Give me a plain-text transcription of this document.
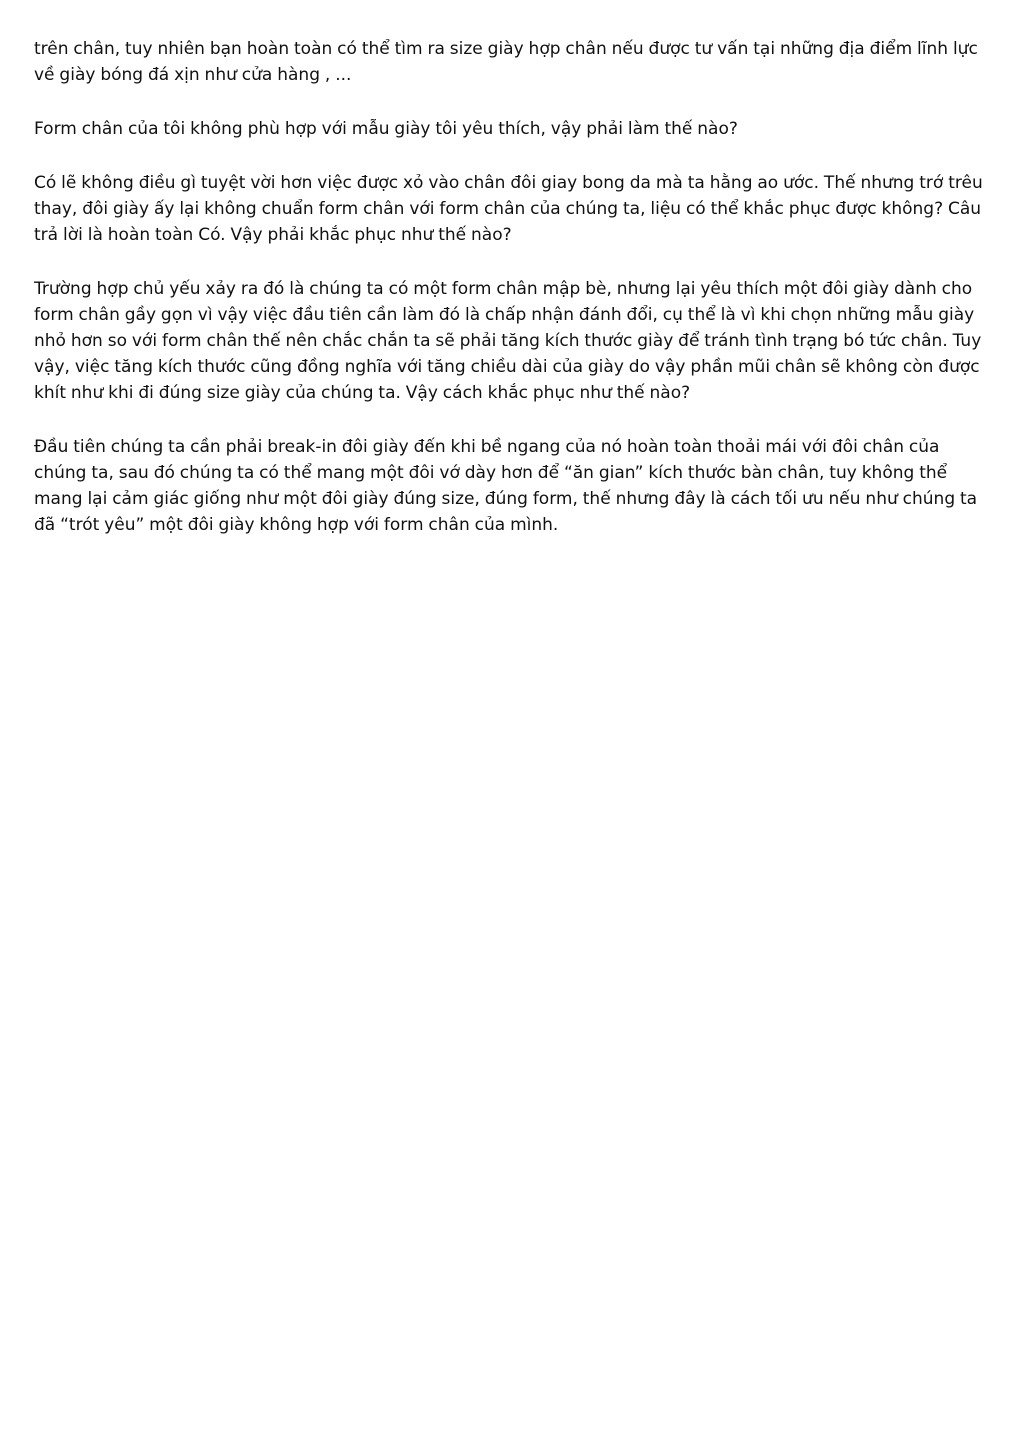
trên chân, tuy nhiên bạn hoàn toàn có thể tìm ra size giày hợp chân nếu được tư vấn tại những địa điểm lĩnh lực về giày bóng đá xịn như cửa hàng , ...

Form chân của tôi không phù hợp với mẫu giày tôi yêu thích, vậy phải làm thế nào?

Có lẽ không điều gì tuyệt vời hơn việc được xỏ vào chân đôi giay bong da mà ta hằng ao ước. Thế nhưng trớ trêu thay, đôi giày ấy lại không chuẩn form chân với form chân của chúng ta, liệu có thể khắc phục được không? Câu trả lời là hoàn toàn Có. Vậy phải khắc phục như thế nào?

Trường hợp chủ yếu xảy ra đó là chúng ta có một form chân mập bè, nhưng lại yêu thích một đôi giày dành cho form chân gầy gọn vì vậy việc đầu tiên cần làm đó là chấp nhận đánh đổi, cụ thể là vì khi chọn những mẫu giày nhỏ hơn so với form chân thế nên chắc chắn ta sẽ phải tăng kích thước giày để tránh tình trạng bó tức chân. Tuy vậy, việc tăng kích thước cũng đồng nghĩa với tăng chiều dài của giày do vậy phần mũi chân sẽ không còn được khít như khi đi đúng size giày của chúng ta. Vậy cách khắc phục như thế nào?

Đầu tiên chúng ta cần phải break-in đôi giày đến khi bề ngang của nó hoàn toàn thoải mái với đôi chân của chúng ta, sau đó chúng ta có thể mang một đôi vớ dày hơn để “ăn gian” kích thước bàn chân, tuy không thể mang lại cảm giác giống như một đôi giày đúng size, đúng form, thế nhưng đây là cách tối ưu nếu như chúng ta đã “trót yêu” một đôi giày không hợp với form chân của mình.
